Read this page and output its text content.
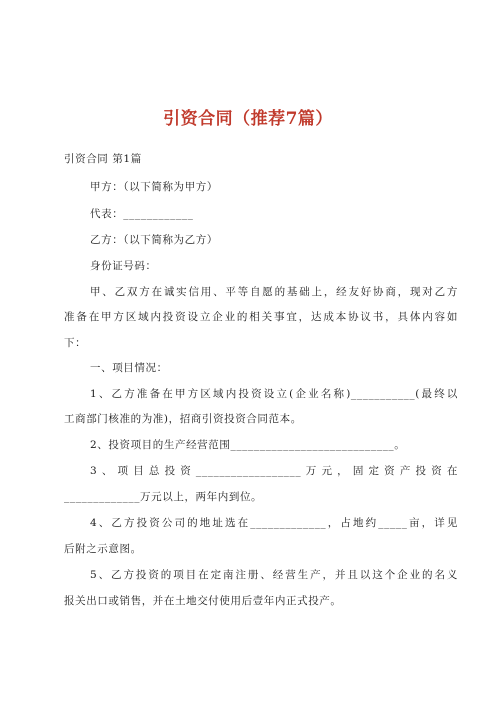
引资合同（推荐7篇）
引资合同 第1篇
甲方：（以下简称为甲方）
代表：____________
乙方：（以下简称为乙方）
身份证号码：
甲、乙双方在诚实信用、平等自愿的基础上，经友好协商，现对乙方
准备在甲方区域内投资设立企业的相关事宜，达成本协议书，具体内容如
下：
一、项目情况：
1、乙方准备在甲方区域内投资设立(企业名称)___________(最终以
工商部门核准的为准)，招商引资投资合同范本。
2、投资项目的生产经营范围____________________________。
3、项目总投资__________________万元，固定资产投资在
_____________万元以上，两年内到位。
4、乙方投资公司的地址选在_____________，占地约_____亩，详见
后附之示意图。
5、乙方投资的项目在定南注册、经营生产，并且以这个企业的名义
报关出口或销售，并在土地交付使用后壹年内正式投产。
